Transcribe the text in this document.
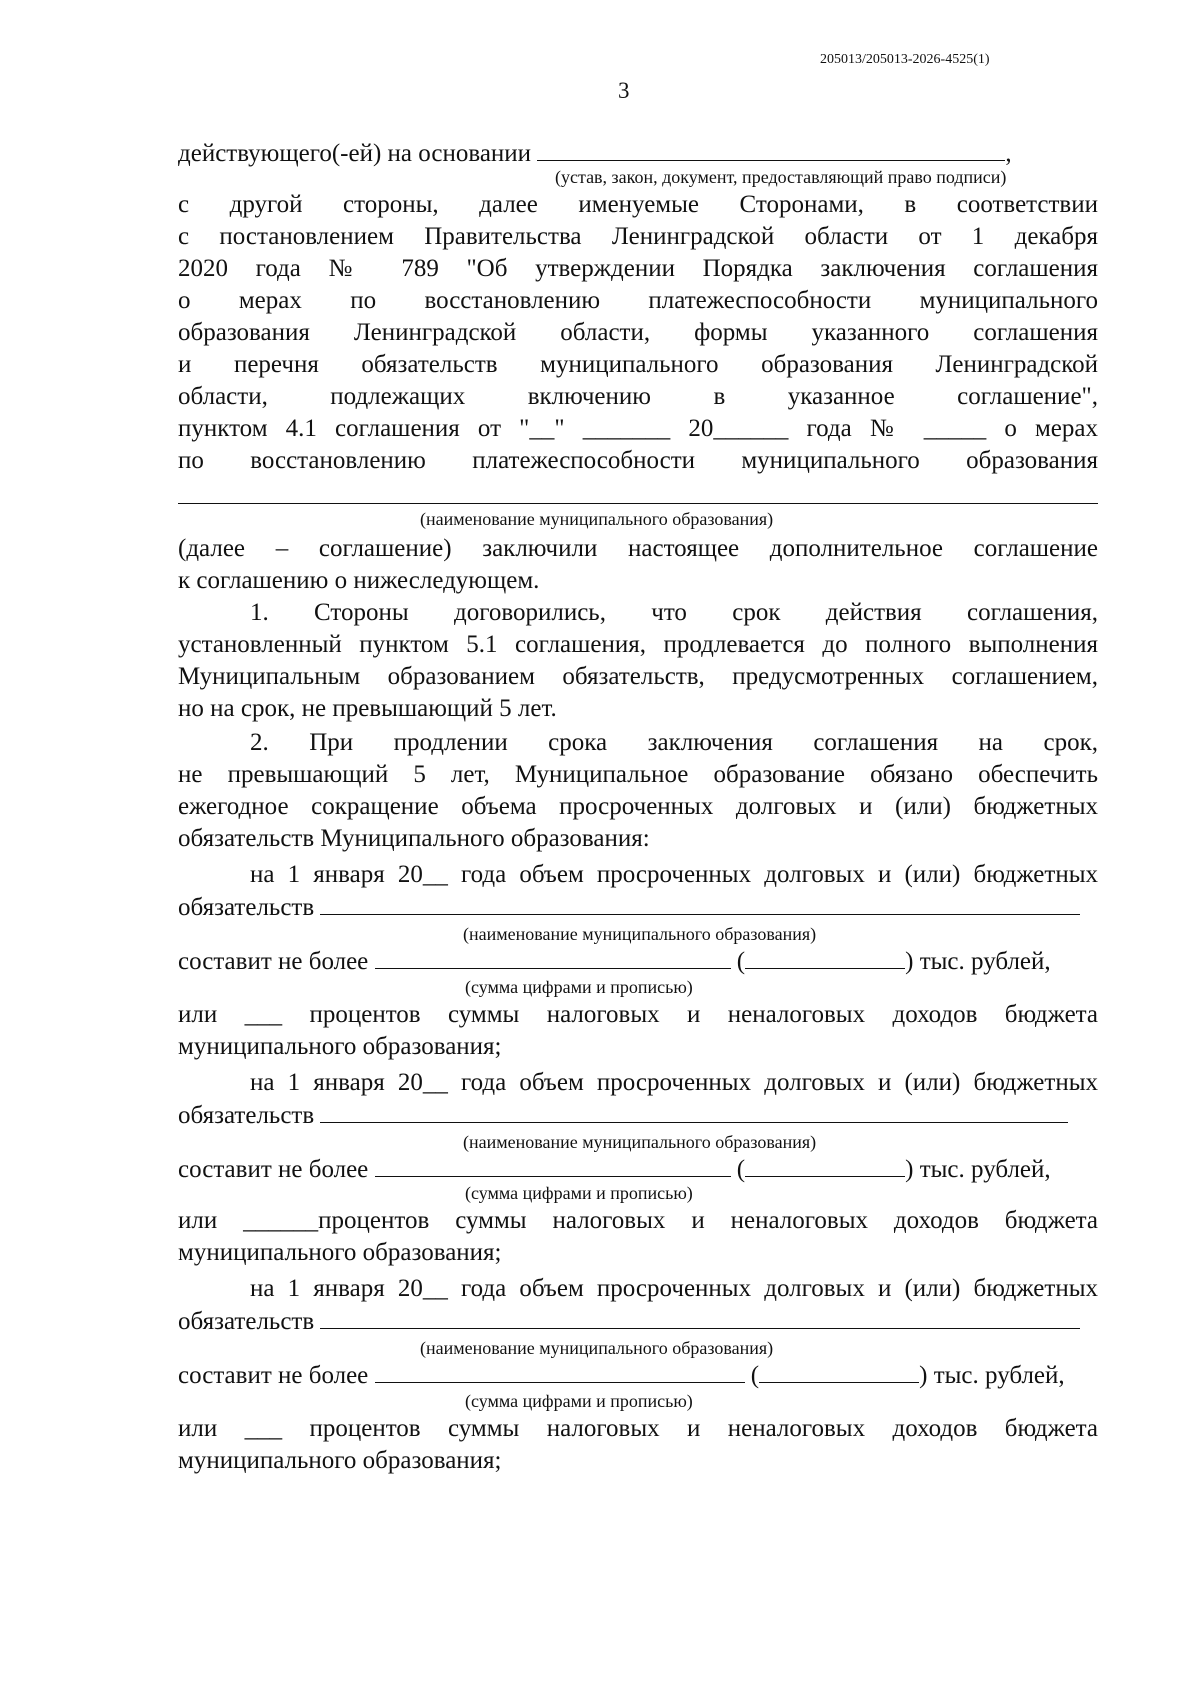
205013/205013-2026-4525(1)
3
действующего(-ей) на основании	,
(устав, закон, документ, предоставляющий право подписи)
с другой стороны, далее именуемые Сторонами, в соответствии
с постановлением Правительства Ленинградской области от 1 декабря
2020 года № 789 "Об утверждении Порядка заключения соглашения
о мерах по восстановлению платежеспособности муниципального
образования Ленинградской области, формы указанного соглашения
и перечня обязательств муниципального образования Ленинградской
области, подлежащих включению в указанное соглашение",
пунктом 4.1 соглашения от "__" _______ 20______ года № _____ о мерах
по восстановлению платежеспособности муниципального образования
(наименование муниципального образования)
(далее – соглашение) заключили настоящее дополнительное соглашение
к соглашению о нижеследующем.
1. Стороны договорились, что срок действия соглашения,
установленный пунктом 5.1 соглашения, продлевается до полного выполнения
Муниципальным образованием обязательств, предусмотренных соглашением,
но на срок, не превышающий 5 лет.
2. При продлении срока заключения соглашения на срок,
не превышающий 5 лет, Муниципальное образование обязано обеспечить
ежегодное сокращение объема просроченных долговых и (или) бюджетных
обязательств Муниципального образования:
на 1 января 20__ года объем просроченных долговых и (или) бюджетных
обязательств
(наименование муниципального образования)
составит не более	(	) тыс. рублей,
(сумма цифрами и прописью)
или ___ процентов суммы налоговых и неналоговых доходов бюджета
муниципального образования;
на 1 января 20__ года объем просроченных долговых и (или) бюджетных
обязательств
(наименование муниципального образования)
составит не более	(	) тыс. рублей,
(сумма цифрами и прописью)
или ______процентов суммы налоговых и неналоговых доходов бюджета
муниципального образования;
на 1 января 20__ года объем просроченных долговых и (или) бюджетных
обязательств
(наименование муниципального образования)
составит не более	(	) тыс. рублей,
(сумма цифрами и прописью)
или ___ процентов суммы налоговых и неналоговых доходов бюджета
муниципального образования;
